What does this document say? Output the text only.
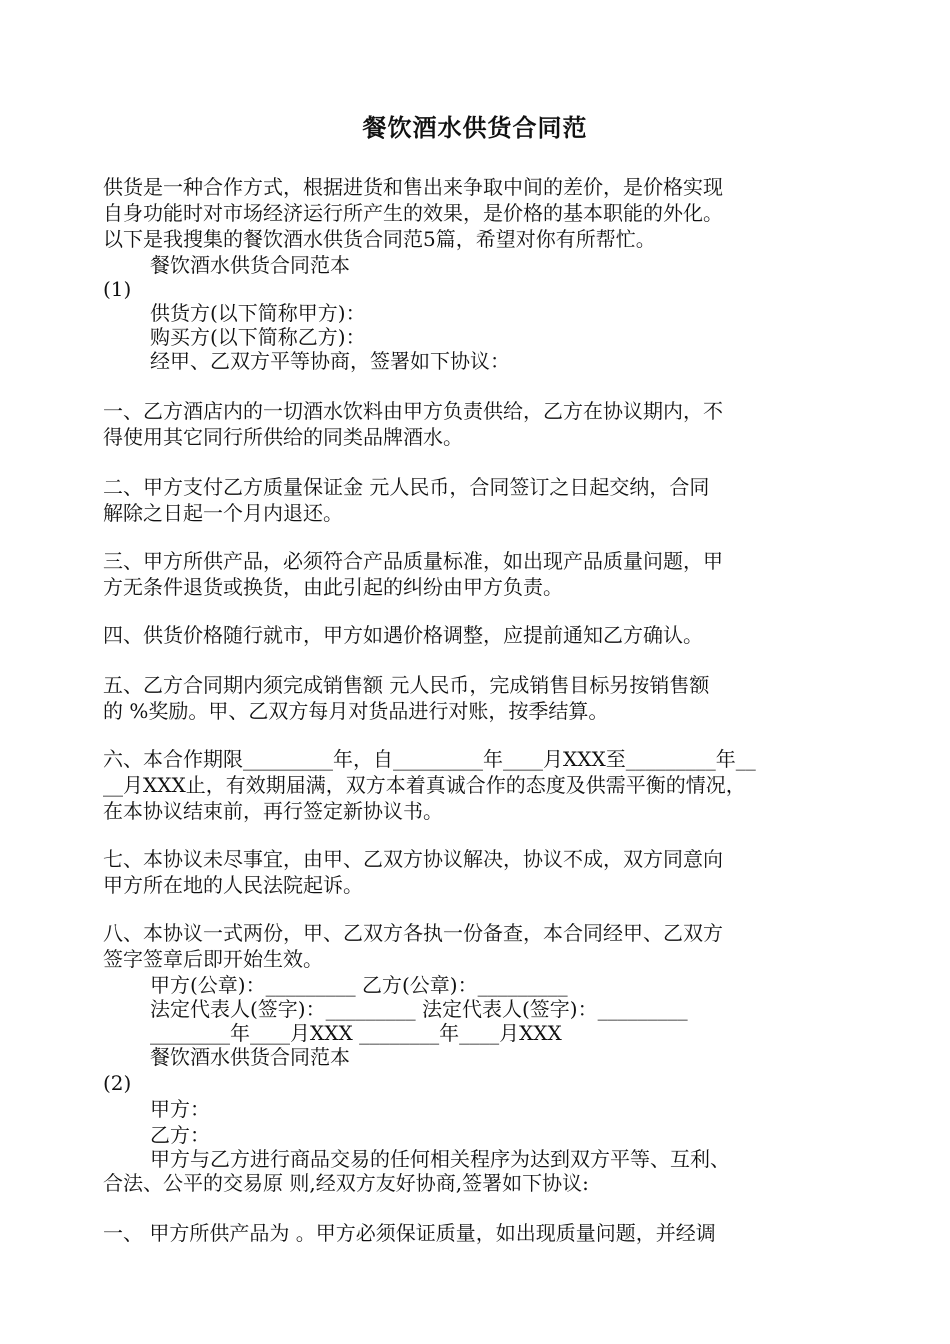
餐饮酒水供货合同范
供货是一种合作方式，根据进货和售出来争取中间的差价，是价格实现
自身功能时对市场经济运行所产生的效果，是价格的基本职能的外化。
以下是我搜集的餐饮酒水供货合同范5篇，希望对你有所帮忙。
餐饮酒水供货合同范本
(1)
供货方(以下简称甲方)：
购买方(以下简称乙方)：
经甲、乙双方平等协商，签署如下协议：
一、乙方酒店内的一切酒水饮料由甲方负责供给，乙方在协议期内，不
得使用其它同行所供给的同类品牌酒水。
二、甲方支付乙方质量保证金 元人民币，合同签订之日起交纳，合同
解除之日起一个月内退还。
三、甲方所供产品，必须符合产品质量标准，如出现产品质量问题，甲
方无条件退货或换货，由此引起的纠纷由甲方负责。
四、供货价格随行就市，甲方如遇价格调整，应提前通知乙方确认。
五、乙方合同期内须完成销售额 元人民币，完成销售目标另按销售额
的 %奖励。甲、乙双方每月对货品进行对账，按季结算。
六、本合作期限_________年，自_________年____月XXX至_________年__
__月XXX止，有效期届满，双方本着真诚合作的态度及供需平衡的情况，
在本协议结束前，再行签定新协议书。
七、本协议未尽事宜，由甲、乙双方协议解决，协议不成，双方同意向
甲方所在地的人民法院起诉。
八、本协议一式两份，甲、乙双方各执一份备查，本合同经甲、乙双方
签字签章后即开始生效。
甲方(公章)：_________ 乙方(公章)：_________
法定代表人(签字)：_________ 法定代表人(签字)：_________
________年____月XXX ________年____月XXX
餐饮酒水供货合同范本
(2)
甲方：
乙方：
甲方与乙方进行商品交易的任何相关程序为达到双方平等、互利、
合法、公平的交易原 则,经双方友好协商,签署如下协议:
一、 甲方所供产品为 。甲方必须保证质量，如出现质量问题，并经调
